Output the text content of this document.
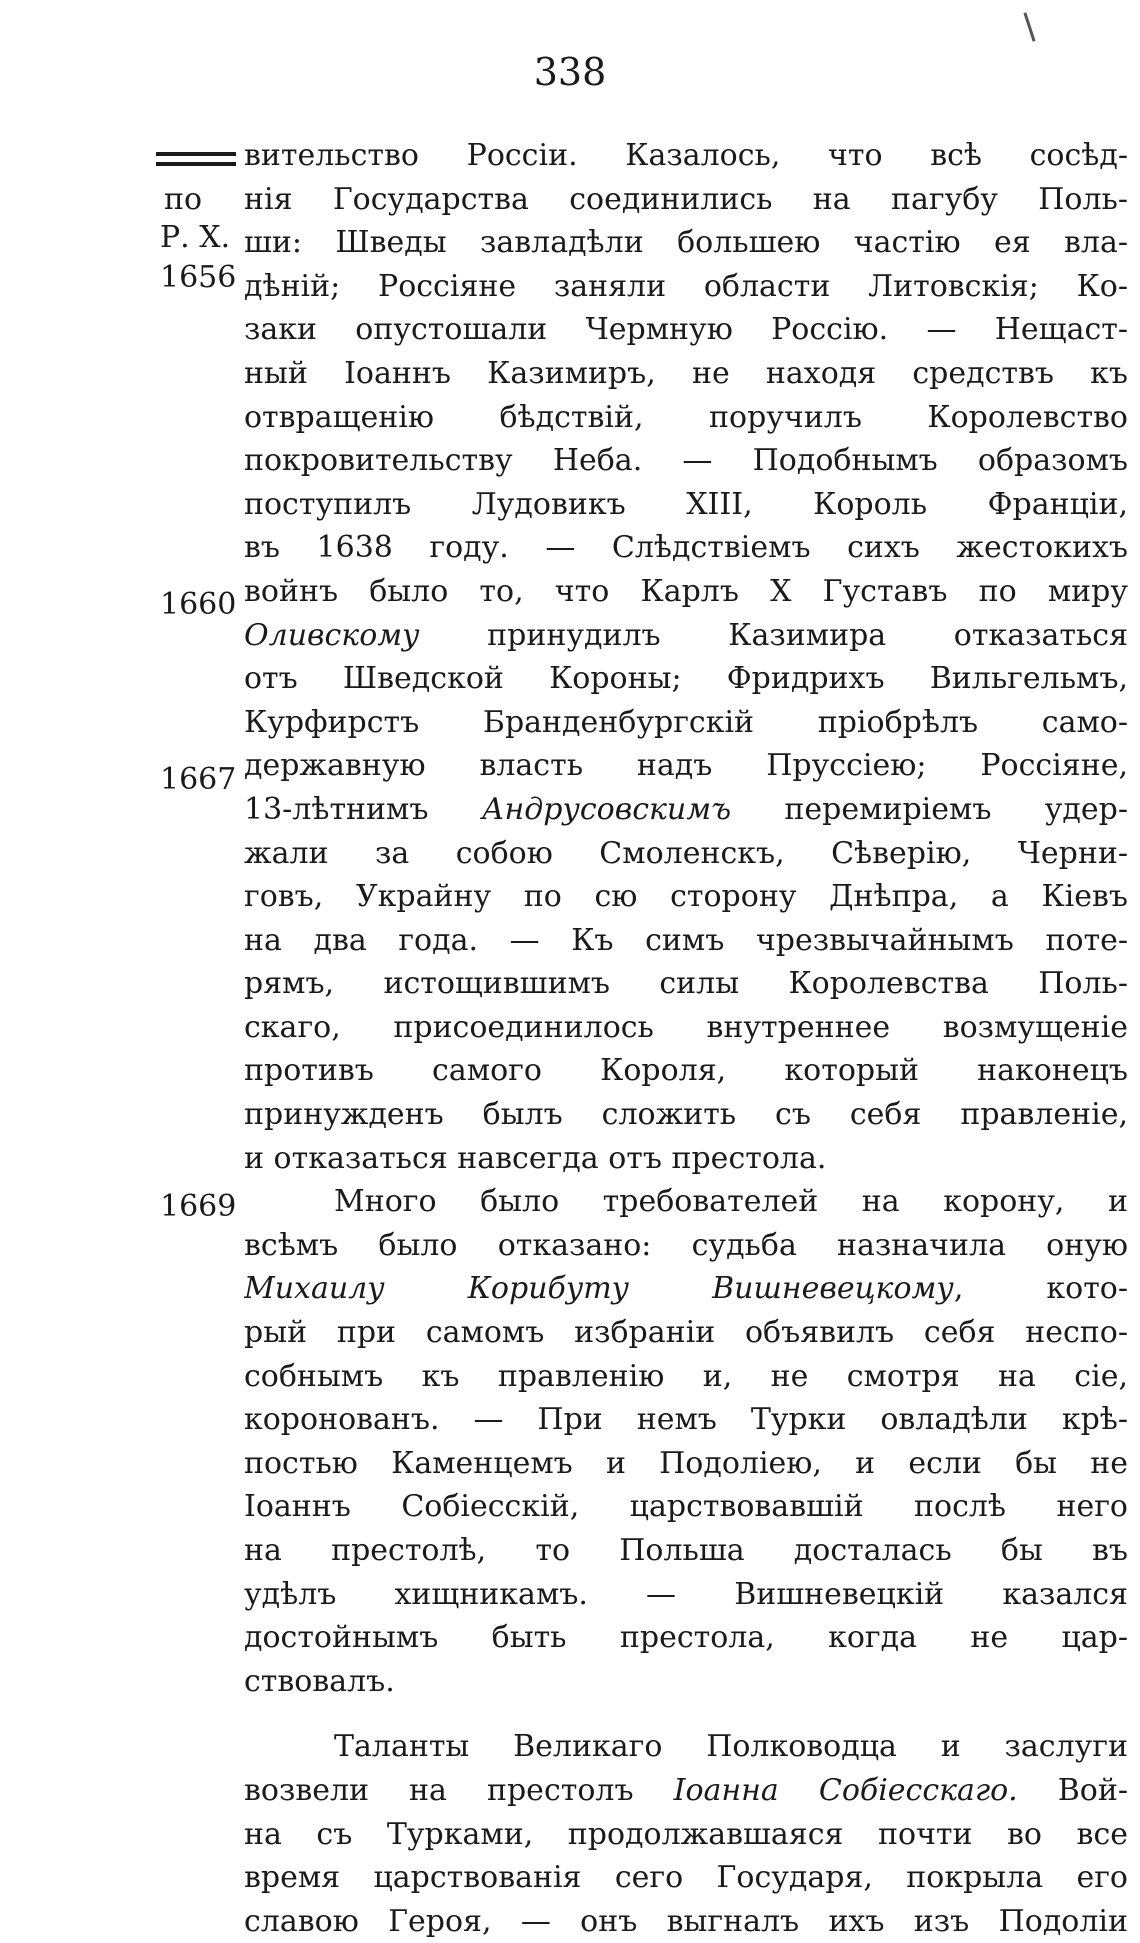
338
по
Р. Х.
1656
1660
1667
1669
вительство Россіи. Казалось, что всѣ сосѣд-
нія Государства соединились на пагубу Поль-
ши: Шведы завладѣли большею частію ея вла-
дѣній; Россіяне заняли области Литовскія; Ко-
заки опустошали Чермную Россію. — Нещаст-
ный Іоаннъ Казимиръ, не находя средствъ къ
отвращенію бѣдствій, поручилъ Королевство
покровительству Неба. — Подобнымъ образомъ
поступилъ Лудовикъ XIII, Король Франціи,
въ 1638 году. — Слѣдствіемъ сихъ жестокихъ
войнъ было то, что Карлъ X Густавъ по миру
Оливскому принудилъ Казимира отказаться
отъ Шведской Короны; Фридрихъ Вильгельмъ,
Курфирстъ Бранденбургскій пріобрѣлъ само-
державную власть надъ Пруссіею; Россіяне,
13-лѣтнимъ Андрусовскимъ перемиріемъ удер-
жали за собою Смоленскъ, Сѣверію, Черни-
говъ, Украйну по сю сторону Днѣпра, а Кіевъ
на два года. — Къ симъ чрезвычайнымъ поте-
рямъ, истощившимъ силы Королевства Поль-
скаго, присоединилось внутреннее возмущеніе
противъ самого Короля, который наконецъ
принужденъ былъ сложить съ себя правленіе,
и отказаться навсегда отъ престола.
Много было требователей на корону, и
всѣмъ было отказано: судьба назначила оную
Михаилу Корибуту Вишневецкому, кото-
рый при самомъ избраніи объявилъ себя неспо-
собнымъ къ правленію и, не смотря на сіе,
коронованъ. — При немъ Турки овладѣли крѣ-
постью Каменцемъ и Подоліею, и если бы не
Іоаннъ Собіесскій, царствовавшій послѣ него
на престолѣ, то Польша досталась бы въ
удѣлъ хищникамъ. — Вишневецкій казался
достойнымъ быть престола, когда не цар-
ствовалъ.
Таланты Великаго Полководца и заслуги
возвели на престолъ Іоанна Собіесскаго. Вой-
на съ Турками, продолжавшаяся почти во все
время царствованія сего Государя, покрыла его
славою Героя, — онъ выгналъ ихъ изъ Подоліи
